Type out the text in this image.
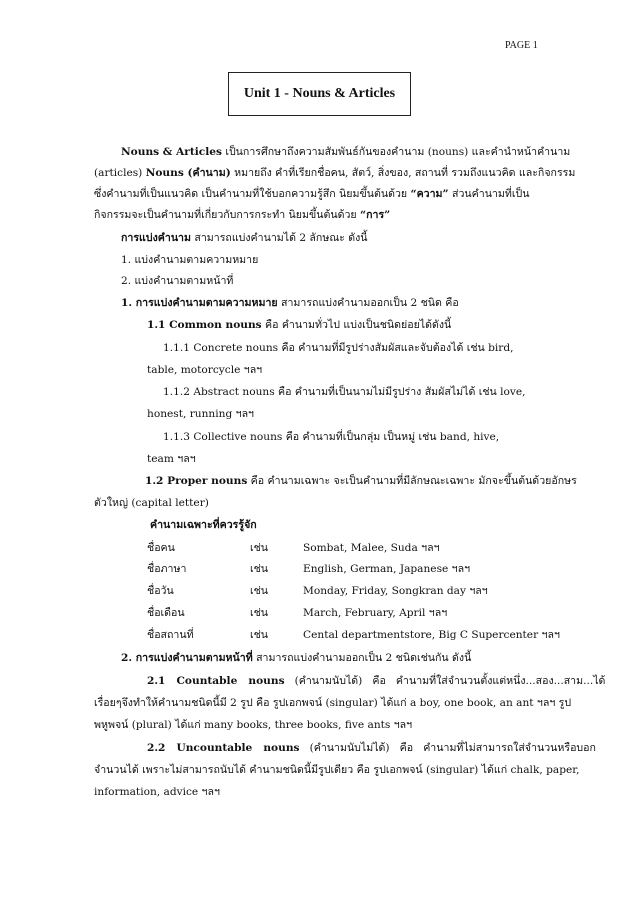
PAGE 1
Unit 1 - Nouns & Articles
Nouns & Articles เป็นการศึกษาถึงความสัมพันธ์กันของคำนาม (nouns) และคำนำหน้าคำนาม
(articles) Nouns (คำนาม) หมายถึง คำที่เรียกชื่อคน, สัตว์, สิ่งของ, สถานที่ รวมถึงแนวคิด และกิจกรรม
ซึ่งคำนามที่เป็นแนวคิด เป็นคำนามที่ใช้บอกความรู้สึก นิยมขึ้นต้นด้วย “ความ” ส่วนคำนามที่เป็น
กิจกรรมจะเป็นคำนามที่เกี่ยวกับการกระทำ นิยมขึ้นต้นด้วย “การ”
การแบ่งคำนาม สามารถแบ่งคำนามได้ 2 ลักษณะ ดังนี้
1. แบ่งคำนามตามความหมาย
2. แบ่งคำนามตามหน้าที่
1. การแบ่งคำนามตามความหมาย สามารถแบ่งคำนามออกเป็น 2 ชนิด คือ
1.1 Common nouns คือ คำนามทั่วไป แบ่งเป็นชนิดย่อยได้ดังนี้
1.1.1 Concrete nouns คือ คำนามที่มีรูปร่างสัมผัสและจับต้องได้ เช่น bird,
table, motorcycle ฯลฯ
1.1.2 Abstract nouns คือ คำนามที่เป็นนามไม่มีรูปร่าง สัมผัสไม่ได้ เช่น love,
honest, running ฯลฯ
1.1.3 Collective nouns คือ คำนามที่เป็นกลุ่ม เป็นหมู่ เช่น band, hive,
team ฯลฯ
1.2 Proper nouns คือ คำนามเฉพาะ จะเป็นคำนามที่มีลักษณะเฉพาะ มักจะขึ้นต้นด้วยอักษร
ตัวใหญ่ (capital letter)
คำนามเฉพาะที่ควรรู้จัก
ชื่อคน	เช่น	Sombat, Malee, Suda ฯลฯ
ชื่อภาษา	เช่น	English, German, Japanese ฯลฯ
ชื่อวัน	เช่น	Monday, Friday, Songkran day ฯลฯ
ชื่อเดือน	เช่น	March, February, April ฯลฯ
ชื่อสถานที่	เช่น	Cental departmentstore, Big C Supercenter ฯลฯ
2. การแบ่งคำนามตามหน้าที่ สามารถแบ่งคำนามออกเป็น 2 ชนิดเช่นกัน ดังนี้
2.1   Countable   nouns   (คำนามนับได้)   คือ   คำนามที่ใส่จำนวนตั้งแต่หนึ่ง...สอง...สาม...ได้
เรื่อยๆจึงทำให้คำนามชนิดนี้มี 2 รูป คือ รูปเอกพจน์ (singular) ได้แก่ a boy, one book, an ant ฯลฯ รูป
พหูพจน์ (plural) ได้แก่ many books, three books, five ants ฯลฯ
2.2   Uncountable   nouns   (คำนามนับไม่ได้)   คือ   คำนามที่ไม่สามารถใส่จำนวนหรือบอก
จำนวนได้ เพราะไม่สามารถนับได้ คำนามชนิดนี้มีรูปเดียว คือ รูปเอกพจน์ (singular) ได้แก่ chalk, paper,
information, advice ฯลฯ
